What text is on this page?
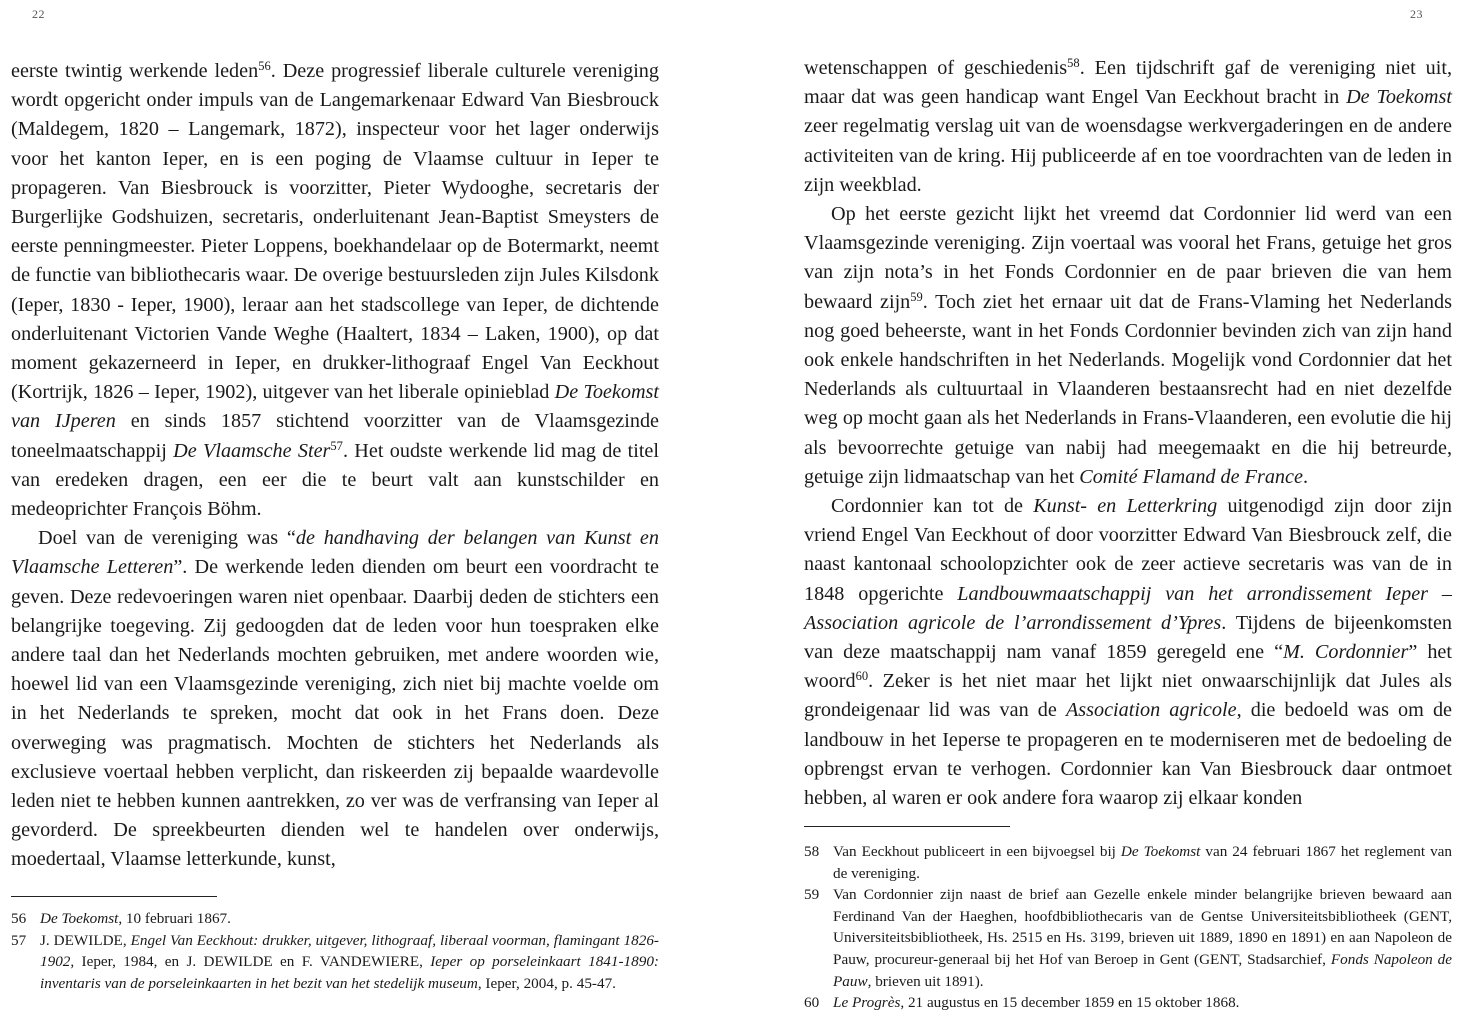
22

eerste twintig werkende leden$^{56}$. Deze progressief liberale culturele vereniging wordt opgericht onder impuls van de Langemarkenaar Edward Van Biesbrouck (Maldegem, 1820 – Langemark, 1872), inspecteur voor het lager onderwijs voor het kanton Ieper, en is een poging de Vlaamse cultuur in Ieper te propageren. Van Biesbrouck is voorzitter, Pieter Wydooghe, secretaris der Burgerlijke Godshuizen, secretaris, onderluitenant Jean-Baptist Smeysters de eerste penningmeester. Pieter Loppens, boekhandelaar op de Botermarkt, neemt de functie van bibliothecaris waar. De overige bestuursleden zijn Jules Kilsdonk (Ieper, 1830 - Ieper, 1900), leraar aan het stadscollege van Ieper, de dichtende onderluitenant Victorien Vande Weghe (Haaltert, 1834 – Laken, 1900), op dat moment gekazerneerd in Ieper, en drukker-lithograaf Engel Van Eeckhout (Kortrijk, 1826 – Ieper, 1902), uitgever van het liberale opinieblad De Toekomst van IJperen en sinds 1857 stichtend voorzitter van de Vlaamsgezinde toneelmaatschappij De Vlaamsche Ster$^{57}$. Het oudste werkende lid mag de titel van eredeken dragen, een eer die te beurt valt aan kunstschilder en medeoprichter François Böhm.

Doel van de vereniging was “de handhaving der belangen van Kunst en Vlaamsche Letteren”. De werkende leden dienden om beurt een voordracht te geven. Deze redevoeringen waren niet openbaar. Daarbij deden de stichters een belangrijke toegeving. Zij gedoogden dat de leden voor hun toespraken elke andere taal dan het Nederlands mochten gebruiken, met andere woorden wie, hoewel lid van een Vlaamsgezinde vereniging, zich niet bij machte voelde om in het Nederlands te spreken, mocht dat ook in het Frans doen. Deze overweging was pragmatisch. Mochten de stichters het Nederlands als exclusieve voertaal hebben verplicht, dan riskeerden zij bepaalde waardevolle leden niet te hebben kunnen aantrekken, zo ver was de verfransing van Ieper al gevorderd. De spreekbeurten dienden wel te handelen over onderwijs, moedertaal, Vlaamse letterkunde, kunst,

56 De Toekomst, 10 februari 1867.
57 J. DEWILDE, Engel Van Eeckhout: drukker, uitgever, lithograaf, liberaal voorman, flamingant 1826-1902, Ieper, 1984, en J. DEWILDE en F. VANDEWIERE, Ieper op porseleinkaart 1841-1890: inventaris van de porseleinkaarten in het bezit van het stedelijk museum, Ieper, 2004, p. 45-47.
23

wetenschappen of geschiedenis$^{58}$. Een tijdschrift gaf de vereniging niet uit, maar dat was geen handicap want Engel Van Eeckhout bracht in De Toekomst zeer regelmatig verslag uit van de woensdagse werkvergaderingen en de andere activiteiten van de kring. Hij publiceerde af en toe voordrachten van de leden in zijn weekblad.

Op het eerste gezicht lijkt het vreemd dat Cordonnier lid werd van een Vlaamsgezinde vereniging. Zijn voertaal was vooral het Frans, getuige het gros van zijn nota’s in het Fonds Cordonnier en de paar brieven die van hem bewaard zijn$^{59}$. Toch ziet het ernaar uit dat de Frans-Vlaming het Nederlands nog goed beheerste, want in het Fonds Cordonnier bevinden zich van zijn hand ook enkele handschriften in het Nederlands. Mogelijk vond Cordonnier dat het Nederlands als cultuurtaal in Vlaanderen bestaansrecht had en niet dezelfde weg op mocht gaan als het Nederlands in Frans-Vlaanderen, een evolutie die hij als bevoorrechte getuige van nabij had meegemaakt en die hij betreurde, getuige zijn lidmaatschap van het Comité Flamand de France.

Cordonnier kan tot de Kunst- en Letterkring uitgenodigd zijn door zijn vriend Engel Van Eeckhout of door voorzitter Edward Van Biesbrouck zelf, die naast kantonaal schoolopzichter ook de zeer actieve secretaris was van de in 1848 opgerichte Landbouwmaatschappij van het arrondissement Ieper – Association agricole de l’arrondissement d’Ypres. Tijdens de bijeenkomsten van deze maatschappij nam vanaf 1859 geregeld ene “M. Cordonnier” het woord$^{60}$. Zeker is het niet maar het lijkt niet onwaarschijnlijk dat Jules als grondeigenaar lid was van de Association agricole, die bedoeld was om de landbouw in het Ieperse te propageren en te moderniseren met de bedoeling de opbrengst ervan te verhogen. Cordonnier kan Van Biesbrouck daar ontmoet hebben, al waren er ook andere fora waarop zij elkaar konden

58 Van Eeckhout publiceert in een bijvoegsel bij De Toekomst van 24 februari 1867 het reglement van de vereniging.
59 Van Cordonnier zijn naast de brief aan Gezelle enkele minder belangrijke brieven bewaard aan Ferdinand Van der Haeghen, hoofdbibliothecaris van de Gentse Universiteitsbibliotheek (GENT, Universiteitsbibliotheek, Hs. 2515 en Hs. 3199, brieven uit 1889, 1890 en 1891) en aan Napoleon de Pauw, procureur-generaal bij het Hof van Beroep in Gent (GENT, Stadsarchief, Fonds Napoleon de Pauw, brieven uit 1891).
60 Le Progrès, 21 augustus en 15 december 1859 en 15 oktober 1868.
